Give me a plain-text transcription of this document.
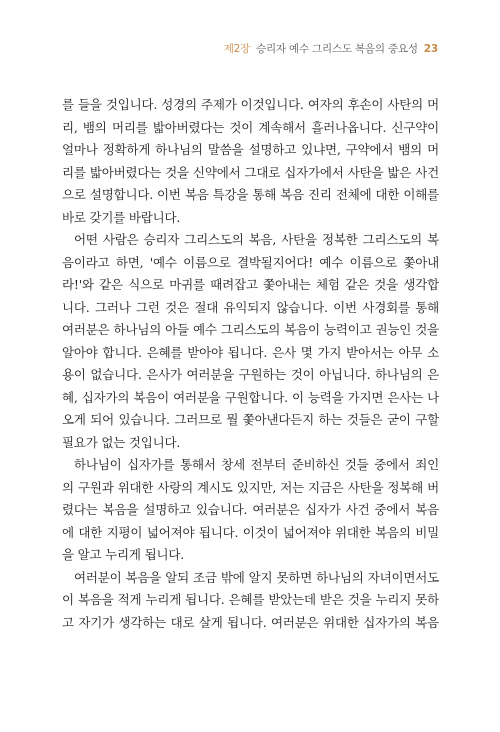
제2장 승리자 예수 그리스도 복음의 중요성 23
를 들을 것입니다. 성경의 주제가 이것입니다. 여자의 후손이 사탄의 머
리, 뱀의 머리를 밟아버렸다는 것이 계속해서 흘러나옵니다. 신구약이
얼마나 정확하게 하나님의 말씀을 설명하고 있냐면, 구약에서 뱀의 머
리를 밟아버렸다는 것을 신약에서 그대로 십자가에서 사탄을 밟은 사건
으로 설명합니다. 이번 복음 특강을 통해 복음 진리 전체에 대한 이해를
바로 갖기를 바랍니다.
어떤 사람은 승리자 그리스도의 복음, 사탄을 정복한 그리스도의 복
음이라고 하면, '예수 이름으로 결박될지어다! 예수 이름으로 쫓아내
라!'와 같은 식으로 마귀를 때려잡고 쫓아내는 체험 같은 것을 생각합
니다. 그러나 그런 것은 절대 유익되지 않습니다. 이번 사경회를 통해
여러분은 하나님의 아들 예수 그리스도의 복음이 능력이고 권능인 것을
알아야 합니다. 은혜를 받아야 됩니다. 은사 몇 가지 받아서는 아무 소
용이 없습니다. 은사가 여러분을 구원하는 것이 아닙니다. 하나님의 은
혜, 십자가의 복음이 여러분을 구원합니다. 이 능력을 가지면 은사는 나
오게 되어 있습니다. 그러므로 뭘 쫓아낸다든지 하는 것들은 굳이 구할
필요가 없는 것입니다.
하나님이 십자가를 통해서 창세 전부터 준비하신 것들 중에서 죄인
의 구원과 위대한 사랑의 계시도 있지만, 저는 지금은 사탄을 정복해 버
렸다는 복음을 설명하고 있습니다. 여러분은 십자가 사건 중에서 복음
에 대한 지평이 넓어져야 됩니다. 이것이 넓어져야 위대한 복음의 비밀
을 알고 누리게 됩니다.
여러분이 복음을 알되 조금 밖에 알지 못하면 하나님의 자녀이면서도
이 복음을 적게 누리게 됩니다. 은혜를 받았는데 받은 것을 누리지 못하
고 자기가 생각하는 대로 살게 됩니다. 여러분은 위대한 십자가의 복음
